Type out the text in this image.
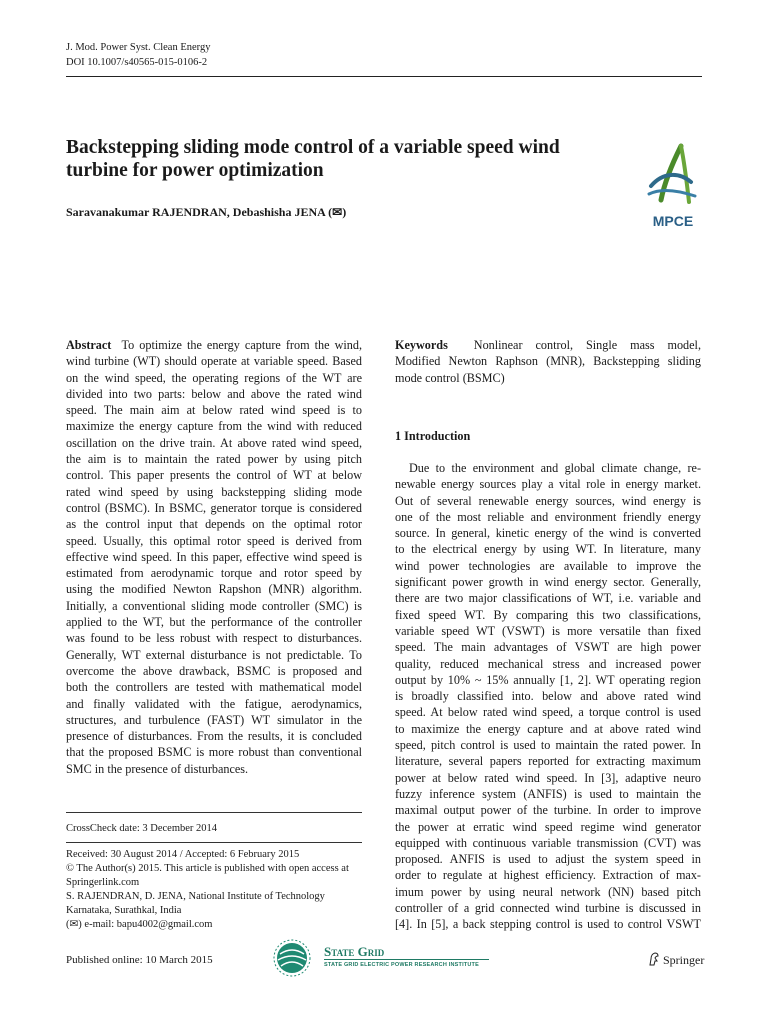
J. Mod. Power Syst. Clean Energy
DOI 10.1007/s40565-015-0106-2
Backstepping sliding mode control of a variable speed wind
turbine for power optimization
Saravanakumar RAJENDRAN, Debashisha JENA (✉)
MPCE
Abstract To optimize the energy capture from the wind,
wind turbine (WT) should operate at variable speed. Based
on the wind speed, the operating regions of the WT are
divided into two parts: below and above the rated wind
speed. The main aim at below rated wind speed is to
maximize the energy capture from the wind with reduced
oscillation on the drive train. At above rated wind speed,
the aim is to maintain the rated power by using pitch
control. This paper presents the control of WT at below
rated wind speed by using backstepping sliding mode
control (BSMC). In BSMC, generator torque is considered
as the control input that depends on the optimal rotor
speed. Usually, this optimal rotor speed is derived from
effective wind speed. In this paper, effective wind speed is
estimated from aerodynamic torque and rotor speed by
using the modified Newton Rapshon (MNR) algorithm.
Initially, a conventional sliding mode controller (SMC) is
applied to the WT, but the performance of the controller
was found to be less robust with respect to disturbances.
Generally, WT external disturbance is not predictable. To
overcome the above drawback, BSMC is proposed and
both the controllers are tested with mathematical model
and finally validated with the fatigue, aerodynamics,
structures, and turbulence (FAST) WT simulator in the
presence of disturbances. From the results, it is concluded
that the proposed BSMC is more robust than conventional
SMC in the presence of disturbances.
Keywords Nonlinear control, Single mass model,
Modified Newton Raphson (MNR), Backstepping sliding
mode control (BSMC)
1 Introduction
Due to the environment and global climate change, re-
newable energy sources play a vital role in energy market.
Out of several renewable energy sources, wind energy is
one of the most reliable and environment friendly energy
source. In general, kinetic energy of the wind is converted
to the electrical energy by using WT. In literature, many
wind power technologies are available to improve the
significant power growth in wind energy sector. Generally,
there are two major classifications of WT, i.e. variable and
fixed speed WT. By comparing this two classifications,
variable speed WT (VSWT) is more versatile than fixed
speed. The main advantages of VSWT are high power
quality, reduced mechanical stress and increased power
output by 10% ~ 15% annually [1, 2]. WT operating region
is broadly classified into. below and above rated wind
speed. At below rated wind speed, a torque control is used
to maximize the energy capture and at above rated wind
speed, pitch control is used to maintain the rated power. In
literature, several papers reported for extracting maximum
power at below rated wind speed. In [3], adaptive neuro
fuzzy inference system (ANFIS) is used to maintain the
maximal output power of the turbine. In order to improve
the power at erratic wind speed regime wind generator
equipped with continuous variable transmission (CVT) was
proposed. ANFIS is used to adjust the system speed in
order to regulate at highest efficiency. Extraction of max-
imum power by using neural network (NN) based pitch
controller of a grid connected wind turbine is discussed in
[4]. In [5], a back stepping control is used to control VSWT
CrossCheck date: 3 December 2014
Received: 30 August 2014 / Accepted: 6 February 2015
© The Author(s) 2015. This article is published with open access at
Springerlink.com
S. RAJENDRAN, D. JENA, National Institute of Technology
Karnataka, Surathkal, India
(✉) e-mail: bapu4002@gmail.com
Published online: 10 March 2015
State Grid
STATE GRID ELECTRIC POWER RESEARCH INSTITUTE	Springer
